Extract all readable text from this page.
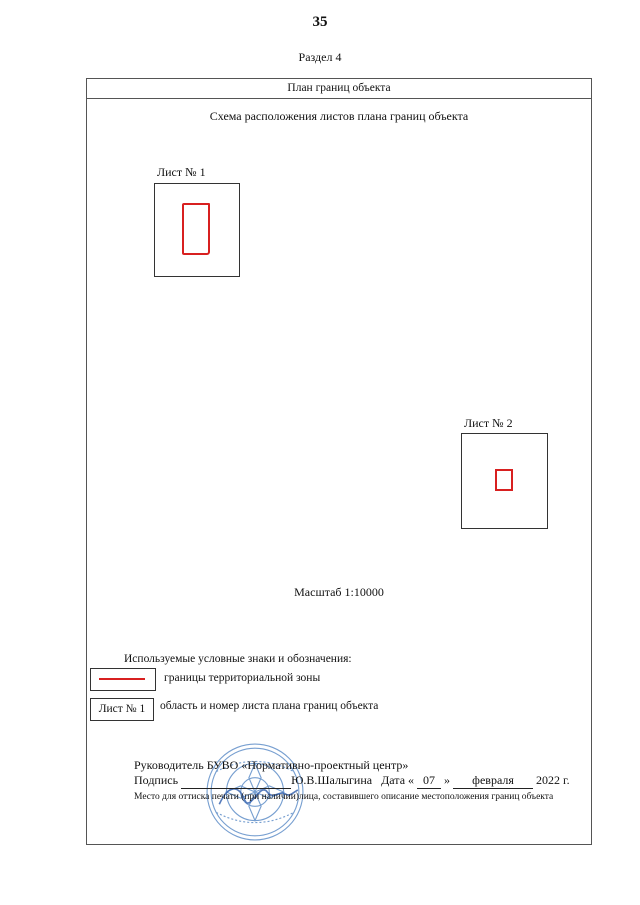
35
Раздел 4
План границ объекта
Схема расположения листов плана границ объекта
Лист № 1
Лист № 2
Масштаб 1:10000
Используемые условные знаки и обозначения:
границы территориальной зоны
Лист № 1	область и номер листа плана границ объекта
Руководитель БУВО «Нормативно-проектный центр»
Подпись	Ю.В.Шалыгина Дата « 07 » февраля 2022 г.
Место для оттиска печати (при наличии)лица, составившего описание местоположения границ объекта
